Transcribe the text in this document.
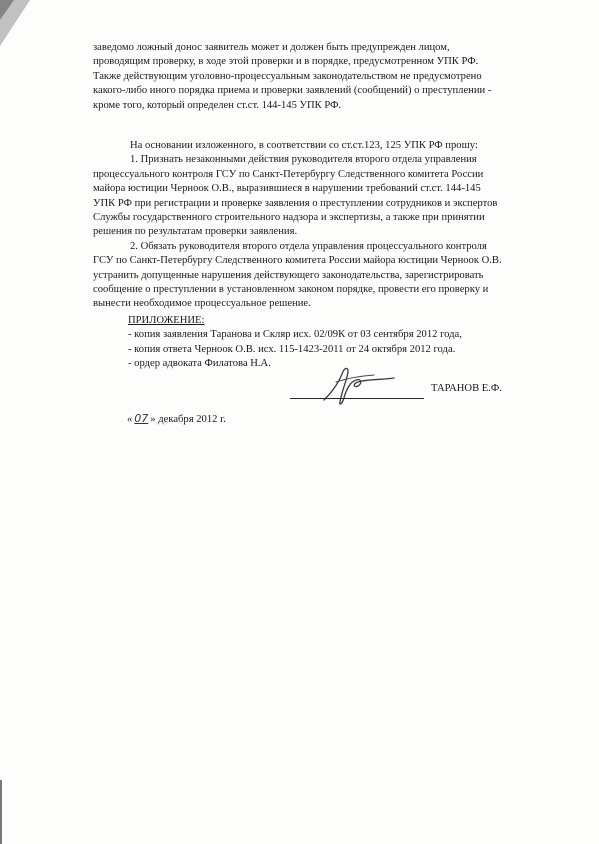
заведомо ложный донос заявитель может и должен быть предупрежден лицом,
проводящим проверку, в ходе этой проверки и в порядке, предусмотренном УПК РФ.
Также действующим уголовно-процессуальным законодательством не предусмотрено
какого-либо иного порядка приема и проверки заявлений (сообщений) о преступлении -
кроме того, который определен ст.ст. 144-145 УПК РФ.
На основании изложенного, в соответствии со ст.ст.123, 125 УПК РФ прошу:
1. Признать незаконными действия руководителя второго отдела управления
процессуального контроля ГСУ по Санкт-Петербургу Следственного комитета России
майора юстиции Черноок О.В., выразившиеся в нарушении требований ст.ст. 144-145
УПК РФ при регистрации и проверке заявления о преступлении сотрудников и экспертов
Службы государственного строительного надзора и экспертизы, а также при принятии
решения по результатам проверки заявления.
2. Обязать руководителя второго отдела управления процессуального контроля
ГСУ по Санкт-Петербургу Следственного комитета России майора юстиции Черноок О.В.
устранить допущенные нарушения действующего законодательства, зарегистрировать
сообщение о преступлении в установленном законом порядке, провести его проверку и
вынести необходимое процессуальное решение.
ПРИЛОЖЕНИЕ:
- копия заявления Таранова и Скляр исх. 02/09К от 03 сентября 2012 года,
- копия ответа Черноок О.В. исх. 115-1423-2011 от 24 октября 2012 года.
- ордер адвоката Филатова Н.А.
ТАРАНОВ Е.Ф.
« 07 » декабря 2012 г.
